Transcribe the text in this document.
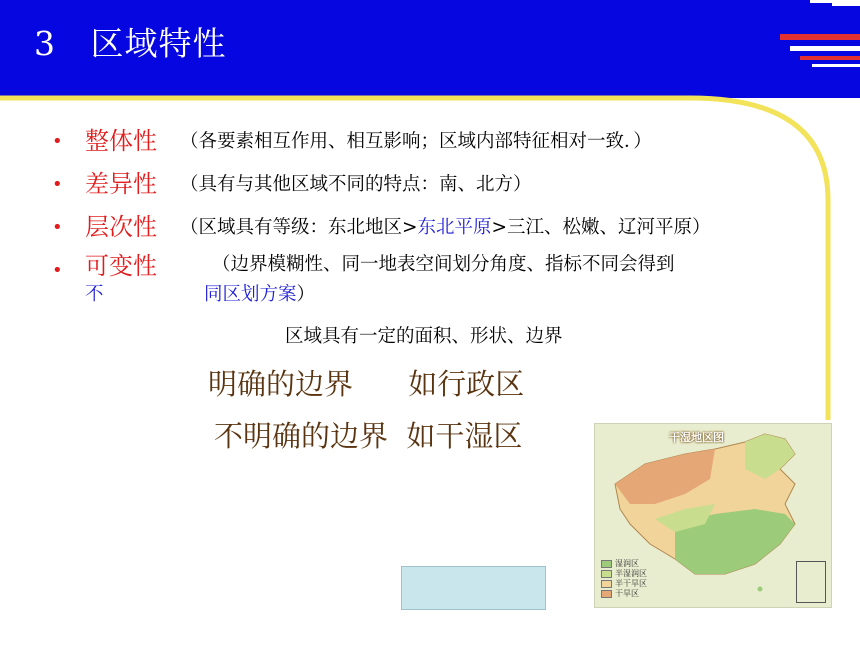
3   区域特性
• 整体性 （各要素相互作用、相互影响；区域内部特征相对一致．）
• 差异性 （具有与其他区域不同的特点：南、北方）
• 层次性 （区域具有等级：东北地区>东北平原>三江、松嫩、辽河平原）
• 可变性	（边界模糊性、同一地表空间划分角度、指标不同会得到
不	同区划方案）
区域具有一定的面积、形状、边界
明确的边界      如行政区
不明确的边界  如干湿区	干湿地区图
湿润区
半湿润区
半干旱区
干旱区
